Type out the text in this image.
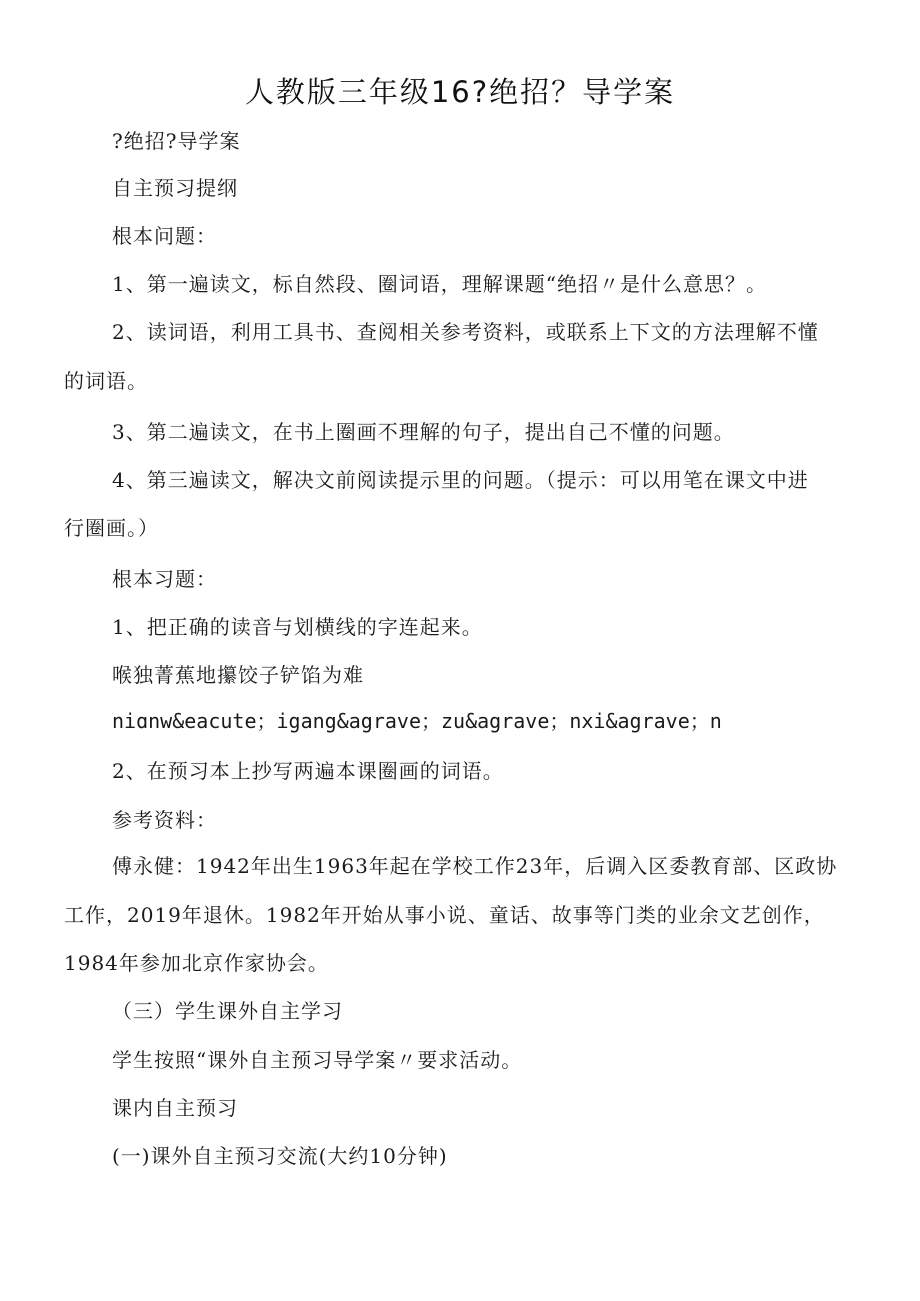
人教版三年级16?绝招？导学案
?绝招?导学案
自主预习提纲
根本问题：
1、第一遍读文，标自然段、圈词语，理解课题“绝招〃是什么意思？。
2、读词语，利用工具书、查阅相关参考资料，或联系上下文的方法理解不懂
的词语。
3、第二遍读文，在书上圈画不理解的句子，提出自己不懂的问题。
4、第三遍读文，解决文前阅读提示里的问题。（提示：可以用笔在课文中进
行圈画。）
根本习题：
1、把正确的读音与划横线的字连起来。
喉独菁蕉地攥饺子铲馅为难
niɑnw&eacute；igang&agrave；zu&agrave；nxi&agrave；n
2、在预习本上抄写两遍本课圈画的词语。
参考资料：
傅永健：1942年出生1963年起在学校工作23年，后调入区委教育部、区政协
工作，2019年退休。1982年开始从事小说、童话、故事等门类的业余文艺创作，
1984年参加北京作家协会。
（三）学生课外自主学习
学生按照“课外自主预习导学案〃要求活动。
课内自主预习
(一)课外自主预习交流(大约10分钟)
